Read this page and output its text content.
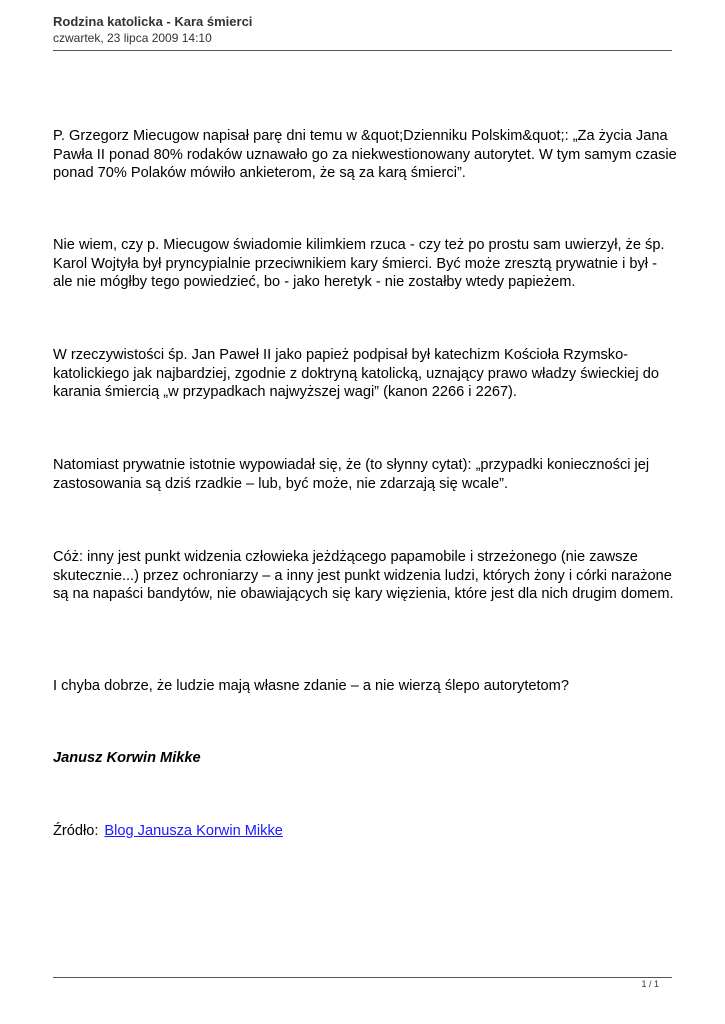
Rodzina katolicka - Kara śmierci
czwartek, 23 lipca 2009 14:10

P. Grzegorz Miecugow napisał parę dni temu w &quot;Dzienniku Polskim&quot;: „Za życia Jana Pawła II ponad 80% rodaków uznawało go za niekwestionowany autorytet. W tym samym czasie ponad 70% Polaków mówiło ankieterom, że są za karą śmierci”.

Nie wiem, czy p. Miecugow świadomie kilimkiem rzuca - czy też po prostu sam uwierzył, że śp. Karol Wojtyła był pryncypialnie przeciwnikiem kary śmierci. Być może zresztą prywatnie i był - ale nie mógłby tego powiedzieć, bo - jako heretyk - nie zostałby wtedy papieżem.

W rzeczywistości śp. Jan Paweł II jako papież podpisał był katechizm Kościoła Rzymsko-katolickiego jak najbardziej, zgodnie z doktryną katolicką, uznający prawo władzy świeckiej do karania śmiercią „w przypadkach najwyższej wagi” (kanon 2266 i 2267).

Natomiast prywatnie istotnie wypowiadał się, że (to słynny cytat): „przypadki konieczności jej zastosowania są dziś rzadkie – lub, być może, nie zdarzają się wcale”.

Cóż: inny jest punkt widzenia człowieka jeżdżącego papamobile i strzeżonego (nie zawsze skutecznie...) przez ochroniarzy – a inny jest punkt widzenia ludzi, których żony i córki narażone są na napaści bandytów, nie obawiających się kary więzienia, które jest dla nich drugim domem.

I chyba dobrze, że ludzie mają własne zdanie – a nie wierzą ślepo autorytetom?

Janusz Korwin Mikke

Źródło: Blog Janusza Korwin Mikke

1 / 1
